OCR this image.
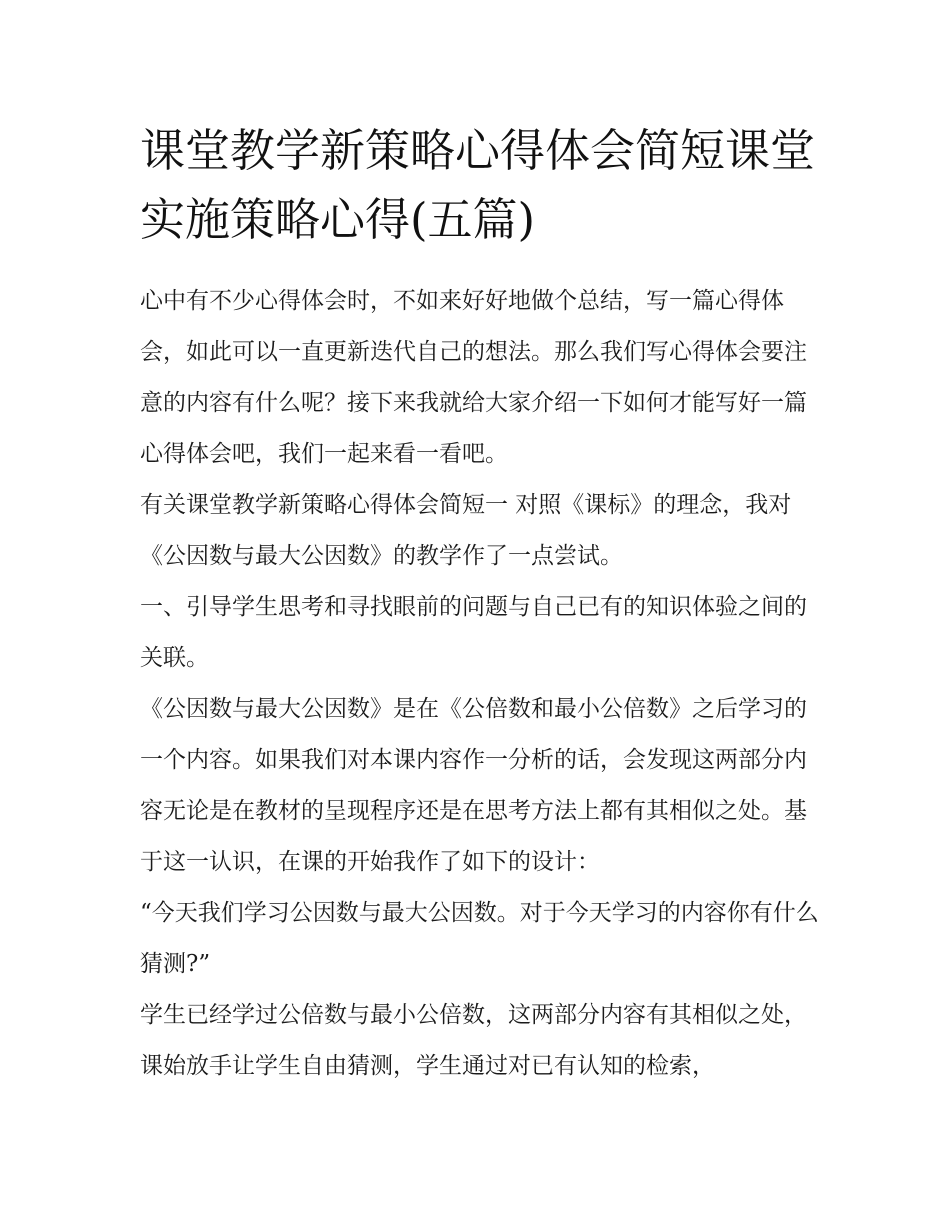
课堂教学新策略心得体会简短课堂实施策略心得(五篇)

心中有不少心得体会时，不如来好好地做个总结，写一篇心得体会，如此可以一直更新迭代自己的想法。那么我们写心得体会要注意的内容有什么呢？接下来我就给大家介绍一下如何才能写好一篇心得体会吧，我们一起来看一看吧。

有关课堂教学新策略心得体会简短一 对照《课标》的理念，我对《公因数与最大公因数》的教学作了一点尝试。

一、引导学生思考和寻找眼前的问题与自己已有的知识体验之间的关联。

《公因数与最大公因数》是在《公倍数和最小公倍数》之后学习的一个内容。如果我们对本课内容作一分析的话，会发现这两部分内容无论是在教材的呈现程序还是在思考方法上都有其相似之处。基于这一认识，在课的开始我作了如下的设计：

“今天我们学习公因数与最大公因数。对于今天学习的内容你有什么猜测?”

学生已经学过公倍数与最小公倍数，这两部分内容有其相似之处，课始放手让学生自由猜测，学生通过对已有认知的检索，
